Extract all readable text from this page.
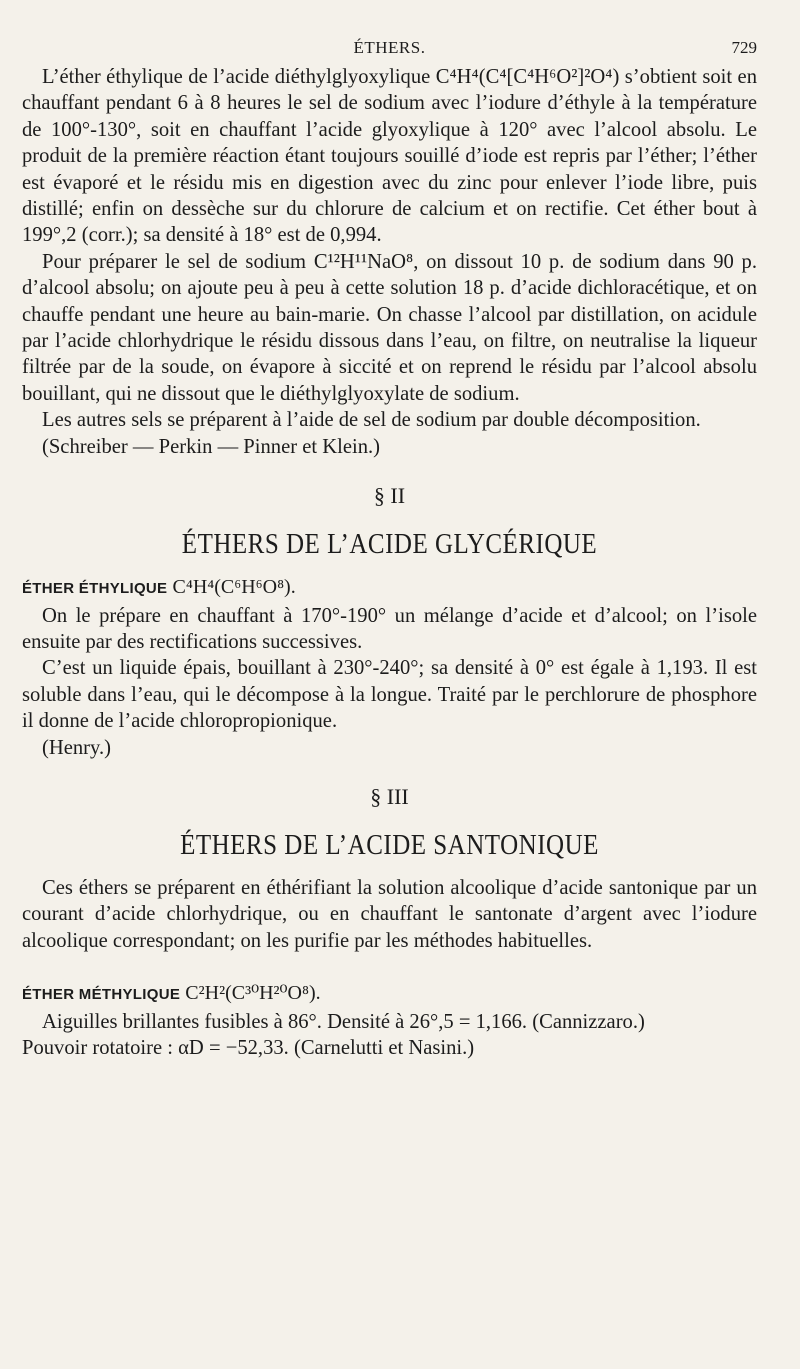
ÉTHERS.	729

L’éther éthylique de l’acide diéthylglyoxylique C⁴H⁴(C⁴[C⁴H⁶O²]²O⁴) s’obtient soit en chauffant pendant 6 à 8 heures le sel de sodium avec l’iodure d’éthyle à la température de 100°-130°, soit en chauffant l’acide glyoxylique à 120° avec l’alcool absolu. Le produit de la première réaction étant toujours souillé d’iode est repris par l’éther; l’éther est évaporé et le résidu mis en digestion avec du zinc pour enlever l’iode libre, puis distillé; enfin on dessèche sur du chlorure de calcium et on rectifie. Cet éther bout à 199°,2 (corr.); sa densité à 18° est de 0,994.

Pour préparer le sel de sodium C¹²H¹¹NaO⁸, on dissout 10 p. de sodium dans 90 p. d’alcool absolu; on ajoute peu à peu à cette solution 18 p. d’acide dichloracétique, et on chauffe pendant une heure au bain-marie. On chasse l’alcool par distillation, on acidule par l’acide chlorhydrique le résidu dissous dans l’eau, on filtre, on neutralise la liqueur filtrée par de la soude, on évapore à siccité et on reprend le résidu par l’alcool absolu bouillant, qui ne dissout que le diéthylglyoxylate de sodium.

Les autres sels se préparent à l’aide de sel de sodium par double décomposition.

(Schreiber — Perkin — Pinner et Klein.)

§ II
ÉTHERS DE L’ACIDE GLYCÉRIQUE

ÉTHER ÉTHYLIQUE C⁴H⁴(C⁶H⁶O⁸).

On le prépare en chauffant à 170°-190° un mélange d’acide et d’alcool; on l’isole ensuite par des rectifications successives.

C’est un liquide épais, bouillant à 230°-240°; sa densité à 0° est égale à 1,193. Il est soluble dans l’eau, qui le décompose à la longue. Traité par le perchlorure de phosphore il donne de l’acide chloropropionique.

(Henry.)

§ III
ÉTHERS DE L’ACIDE SANTONIQUE

Ces éthers se préparent en éthérifiant la solution alcoolique d’acide santonique par un courant d’acide chlorhydrique, ou en chauffant le santonate d’argent avec l’iodure alcoolique correspondant; on les purifie par les méthodes habituelles.

ÉTHER MÉTHYLIQUE C²H²(C³⁰H²⁰O⁸).

Aiguilles brillantes fusibles à 86°. Densité à 26°,5 = 1,166. (Cannizzaro.)

Pouvoir rotatoire : αD = −52,33. (Carnelutti et Nasini.)
